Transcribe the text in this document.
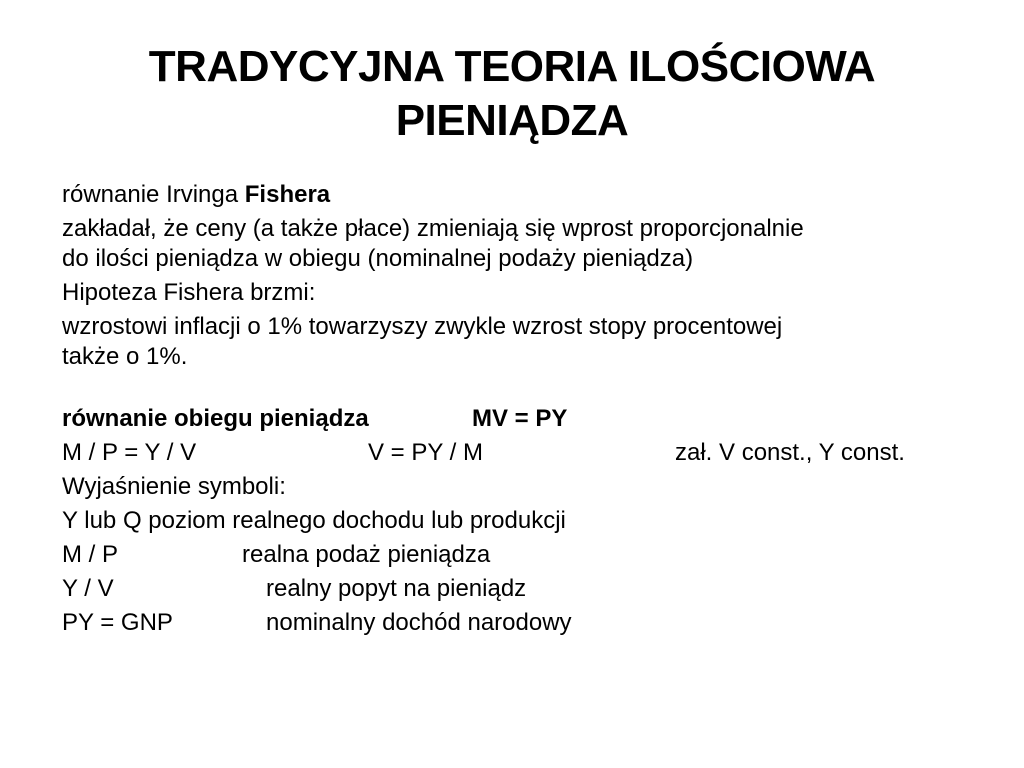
TRADYCYJNA TEORIA ILOŚCIOWA
PIENIĄDZA
równanie Irvinga Fishera
zakładał, że ceny (a także płace) zmieniają się wprost proporcjonalnie
do ilości pieniądza w obiegu (nominalnej podaży pieniądza)
Hipoteza Fishera brzmi:
wzrostowi inflacji o 1% towarzyszy zwykle wzrost stopy procentowej
także o 1%.
równanie obiegu pieniądza	MV = PY
M / P = Y / V	V = PY / M	zał. V const., Y const.
Wyjaśnienie symboli:
Y lub Q poziom realnego dochodu lub produkcji
M / P	realna podaż pieniądza
Y / V	realny popyt na pieniądz
PY = GNP	nominalny dochód narodowy
